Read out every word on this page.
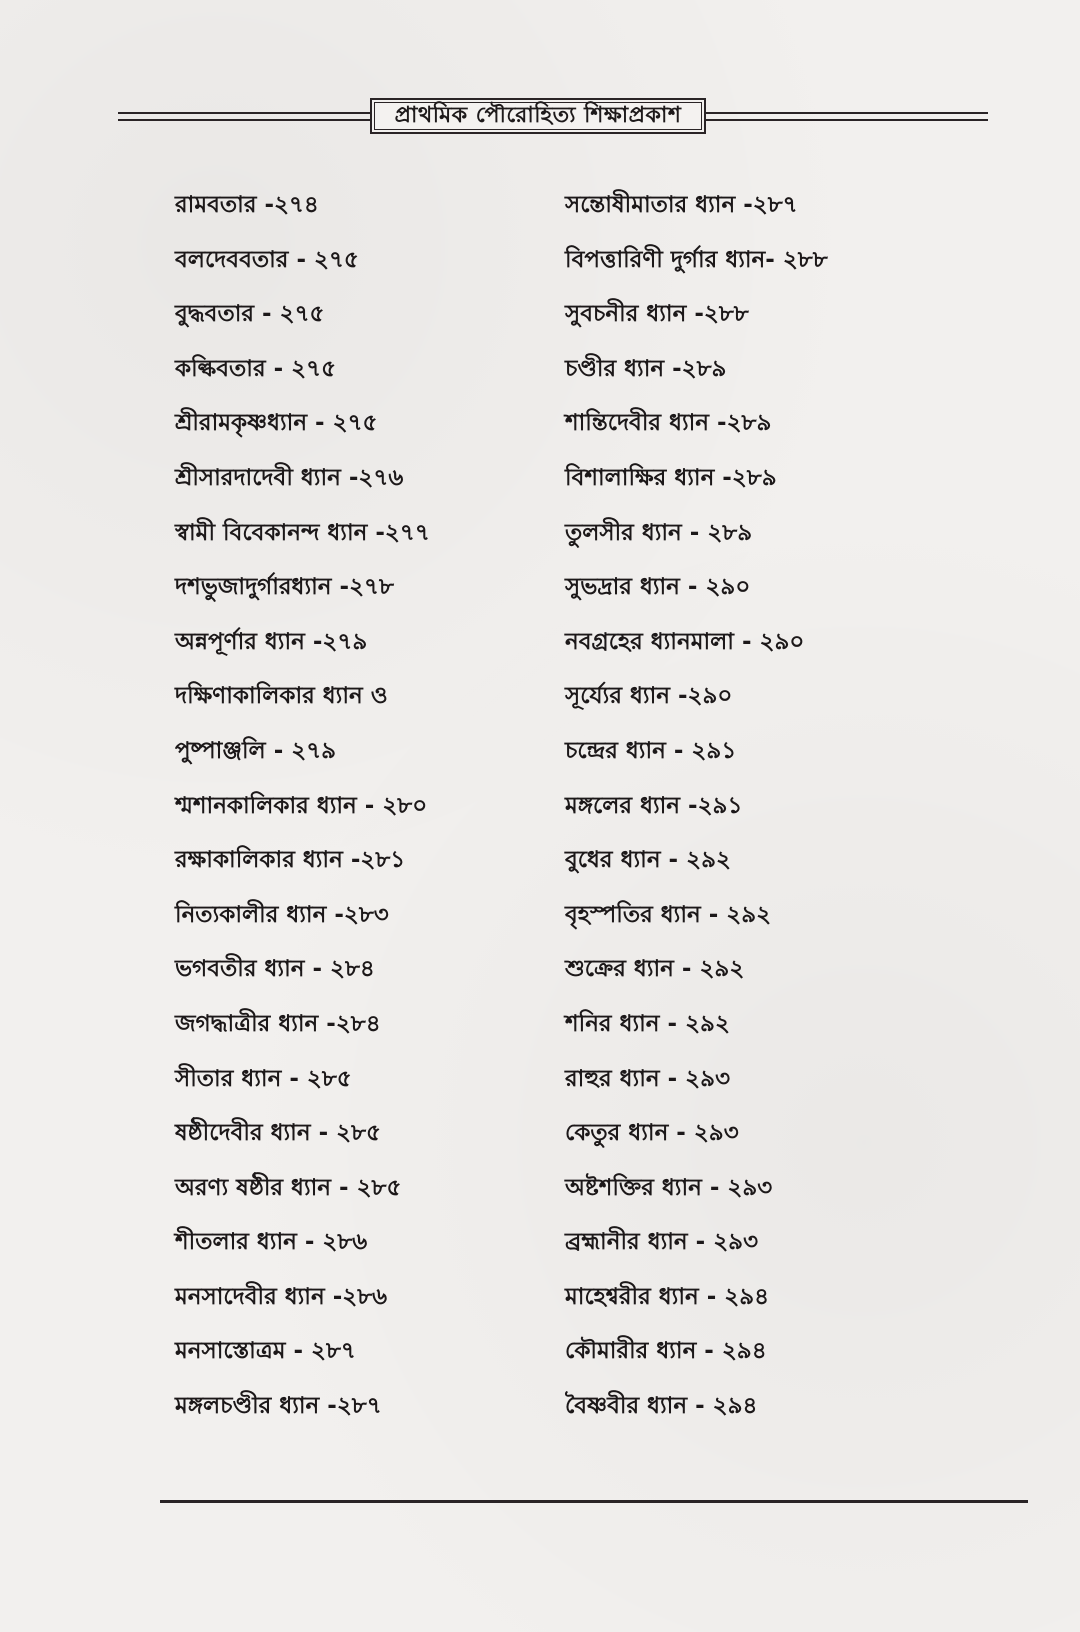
প্রাথমিক পৌরোহিত্য শিক্ষাপ্রকাশ
রামবতার -২৭৪
বলদেববতার - ২৭৫
বুদ্ধবতার - ২৭৫
কল্কিবতার - ২৭৫
শ্রীরামকৃষ্ণধ্যান - ২৭৫
শ্রীসারদাদেবী ধ্যান -২৭৬
স্বামী বিবেকানন্দ ধ্যান -২৭৭
দশভুজাদুর্গারধ্যান -২৭৮
অন্নপূর্ণার ধ্যান -২৭৯
দক্ষিণাকালিকার ধ্যান ও
পুষ্পাঞ্জলি - ২৭৯
শ্মশানকালিকার ধ্যান - ২৮০
রক্ষাকালিকার ধ্যান -২৮১
নিত্যকালীর ধ্যান -২৮৩
ভগবতীর ধ্যান - ২৮৪
জগদ্ধাত্রীর ধ্যান -২৮৪
সীতার ধ্যান - ২৮৫
ষষ্ঠীদেবীর ধ্যান - ২৮৫
অরণ্য ষষ্ঠীর ধ্যান - ২৮৫
শীতলার ধ্যান - ২৮৬
মনসাদেবীর ধ্যান -২৮৬
মনসাস্তোত্রম - ২৮৭
মঙ্গলচণ্ডীর ধ্যান -২৮৭
সন্তোষীমাতার ধ্যান -২৮৭
বিপত্তারিণী দুর্গার ধ্যান- ২৮৮
সুবচনীর ধ্যান -২৮৮
চণ্ডীর ধ্যান -২৮৯
শান্তিদেবীর ধ্যান -২৮৯
বিশালাক্ষির ধ্যান -২৮৯
তুলসীর ধ্যান - ২৮৯
সুভদ্রার ধ্যান - ২৯০
নবগ্রহের ধ্যানমালা - ২৯০
সূর্য্যের ধ্যান -২৯০
চন্দ্রের ধ্যান - ২৯১
মঙ্গলের ধ্যান -২৯১
বুধের ধ্যান - ২৯২
বৃহস্পতির ধ্যান - ২৯২
শুক্রের ধ্যান - ২৯২
শনির ধ্যান - ২৯২
রাহুর ধ্যান - ২৯৩
কেতুর ধ্যান - ২৯৩
অষ্টশক্তির ধ্যান - ২৯৩
ব্রহ্মানীর ধ্যান - ২৯৩
মাহেশ্বরীর ধ্যান - ২৯৪
কৌমারীর ধ্যান - ২৯৪
বৈষ্ণবীর ধ্যান - ২৯৪
